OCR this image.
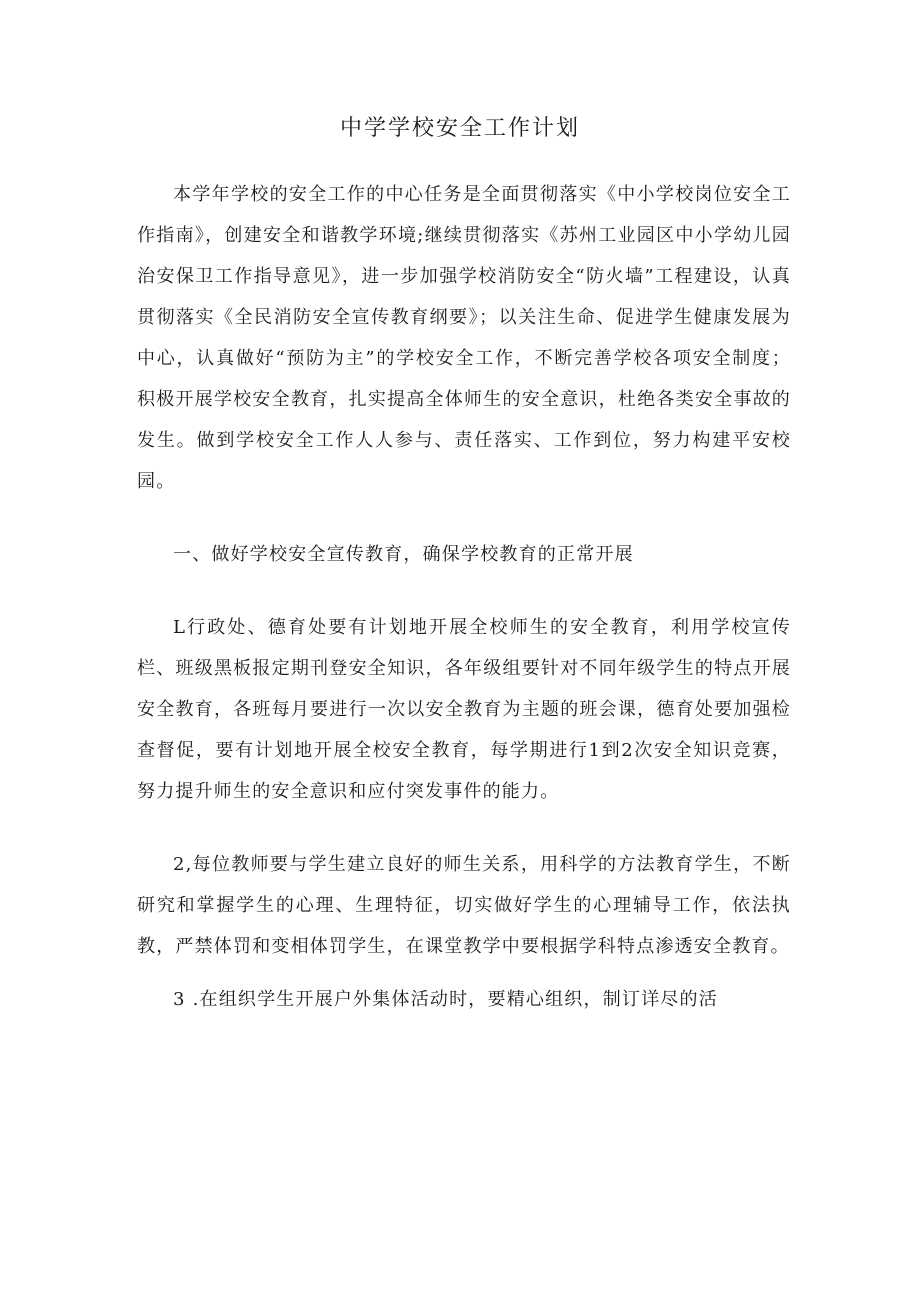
中学学校安全工作计划

本学年学校的安全工作的中心任务是全面贯彻落实《中小学校岗位安全工作指南》，创建安全和谐教学环境;继续贯彻落实《苏州工业园区中小学幼儿园治安保卫工作指导意见》，进一步加强学校消防安全“防火墙”工程建设，认真贯彻落实《全民消防安全宣传教育纲要》；以关注生命、促进学生健康发展为中心，认真做好“预防为主”的学校安全工作，不断完善学校各项安全制度；积极开展学校安全教育，扎实提高全体师生的安全意识，杜绝各类安全事故的发生。做到学校安全工作人人参与、责任落实、工作到位，努力构建平安校园。

一、做好学校安全宣传教育，确保学校教育的正常开展

L行政处、德育处要有计划地开展全校师生的安全教育，利用学校宣传栏、班级黑板报定期刊登安全知识，各年级组要针对不同年级学生的特点开展安全教育，各班每月要进行一次以安全教育为主题的班会课，德育处要加强检查督促，要有计划地开展全校安全教育，每学期进行1到2次安全知识竞赛，努力提升师生的安全意识和应付突发事件的能力。

2,每位教师要与学生建立良好的师生关系，用科学的方法教育学生，不断研究和掌握学生的心理、生理特征，切实做好学生的心理辅导工作，依法执教，严禁体罚和变相体罚学生，在课堂教学中要根据学科特点渗透安全教育。

3 .在组织学生开展户外集体活动时，要精心组织，制订详尽的活
